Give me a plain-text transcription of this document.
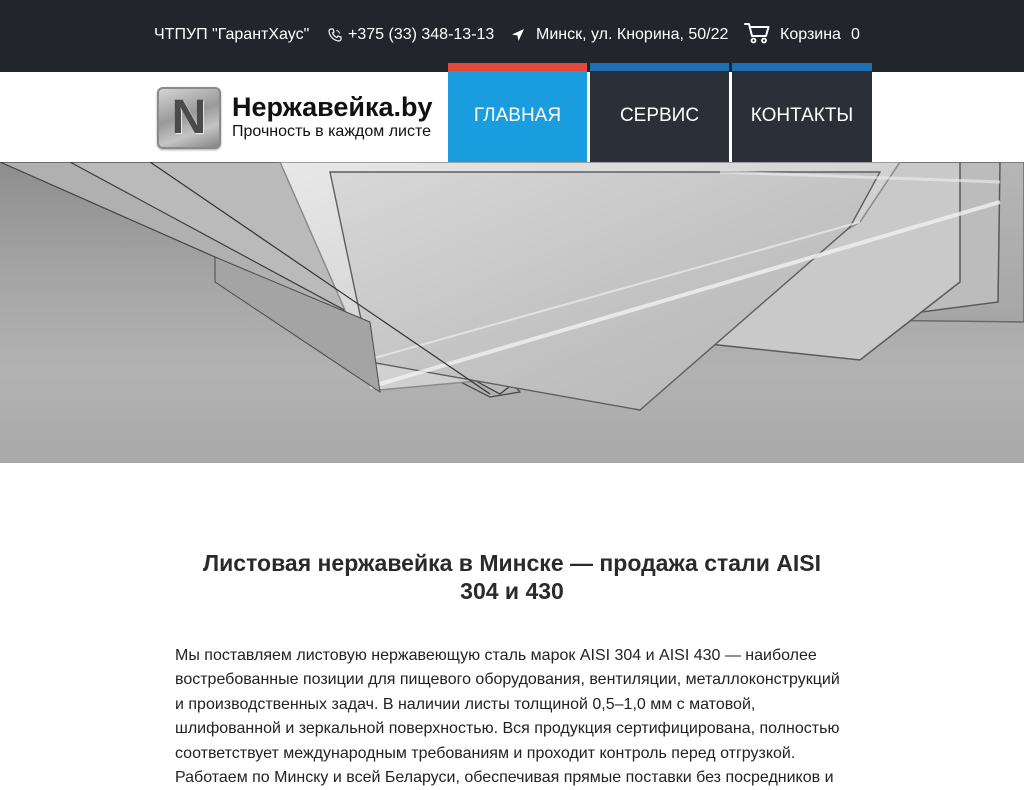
ЧТПУП "ГарантХаус" +375 (33) 348-13-13	Минск, ул. Кнорина, 50/22	Корзина 0
N Нержавейка.by
Прочность в каждом листе
ГЛАВНАЯ	СЕРВИС	КОНТАКТЫ
Листовая нержавейка в Минске — продажа стали AISI 304 и 430

Мы поставляем листовую нержавеющую сталь марок AISI 304 и AISI 430 — наиболее востребованные позиции для пищевого оборудования, вентиляции, металлоконструкций и производственных задач. В наличии листы толщиной 0,5–1,0 мм с матовой, шлифованной и зеркальной поверхностью. Вся продукция сертифицирована, полностью соответствует международным требованиям и проходит контроль перед отгрузкой. Работаем по Минску и всей Беларуси, обеспечивая прямые поставки без посредников и
